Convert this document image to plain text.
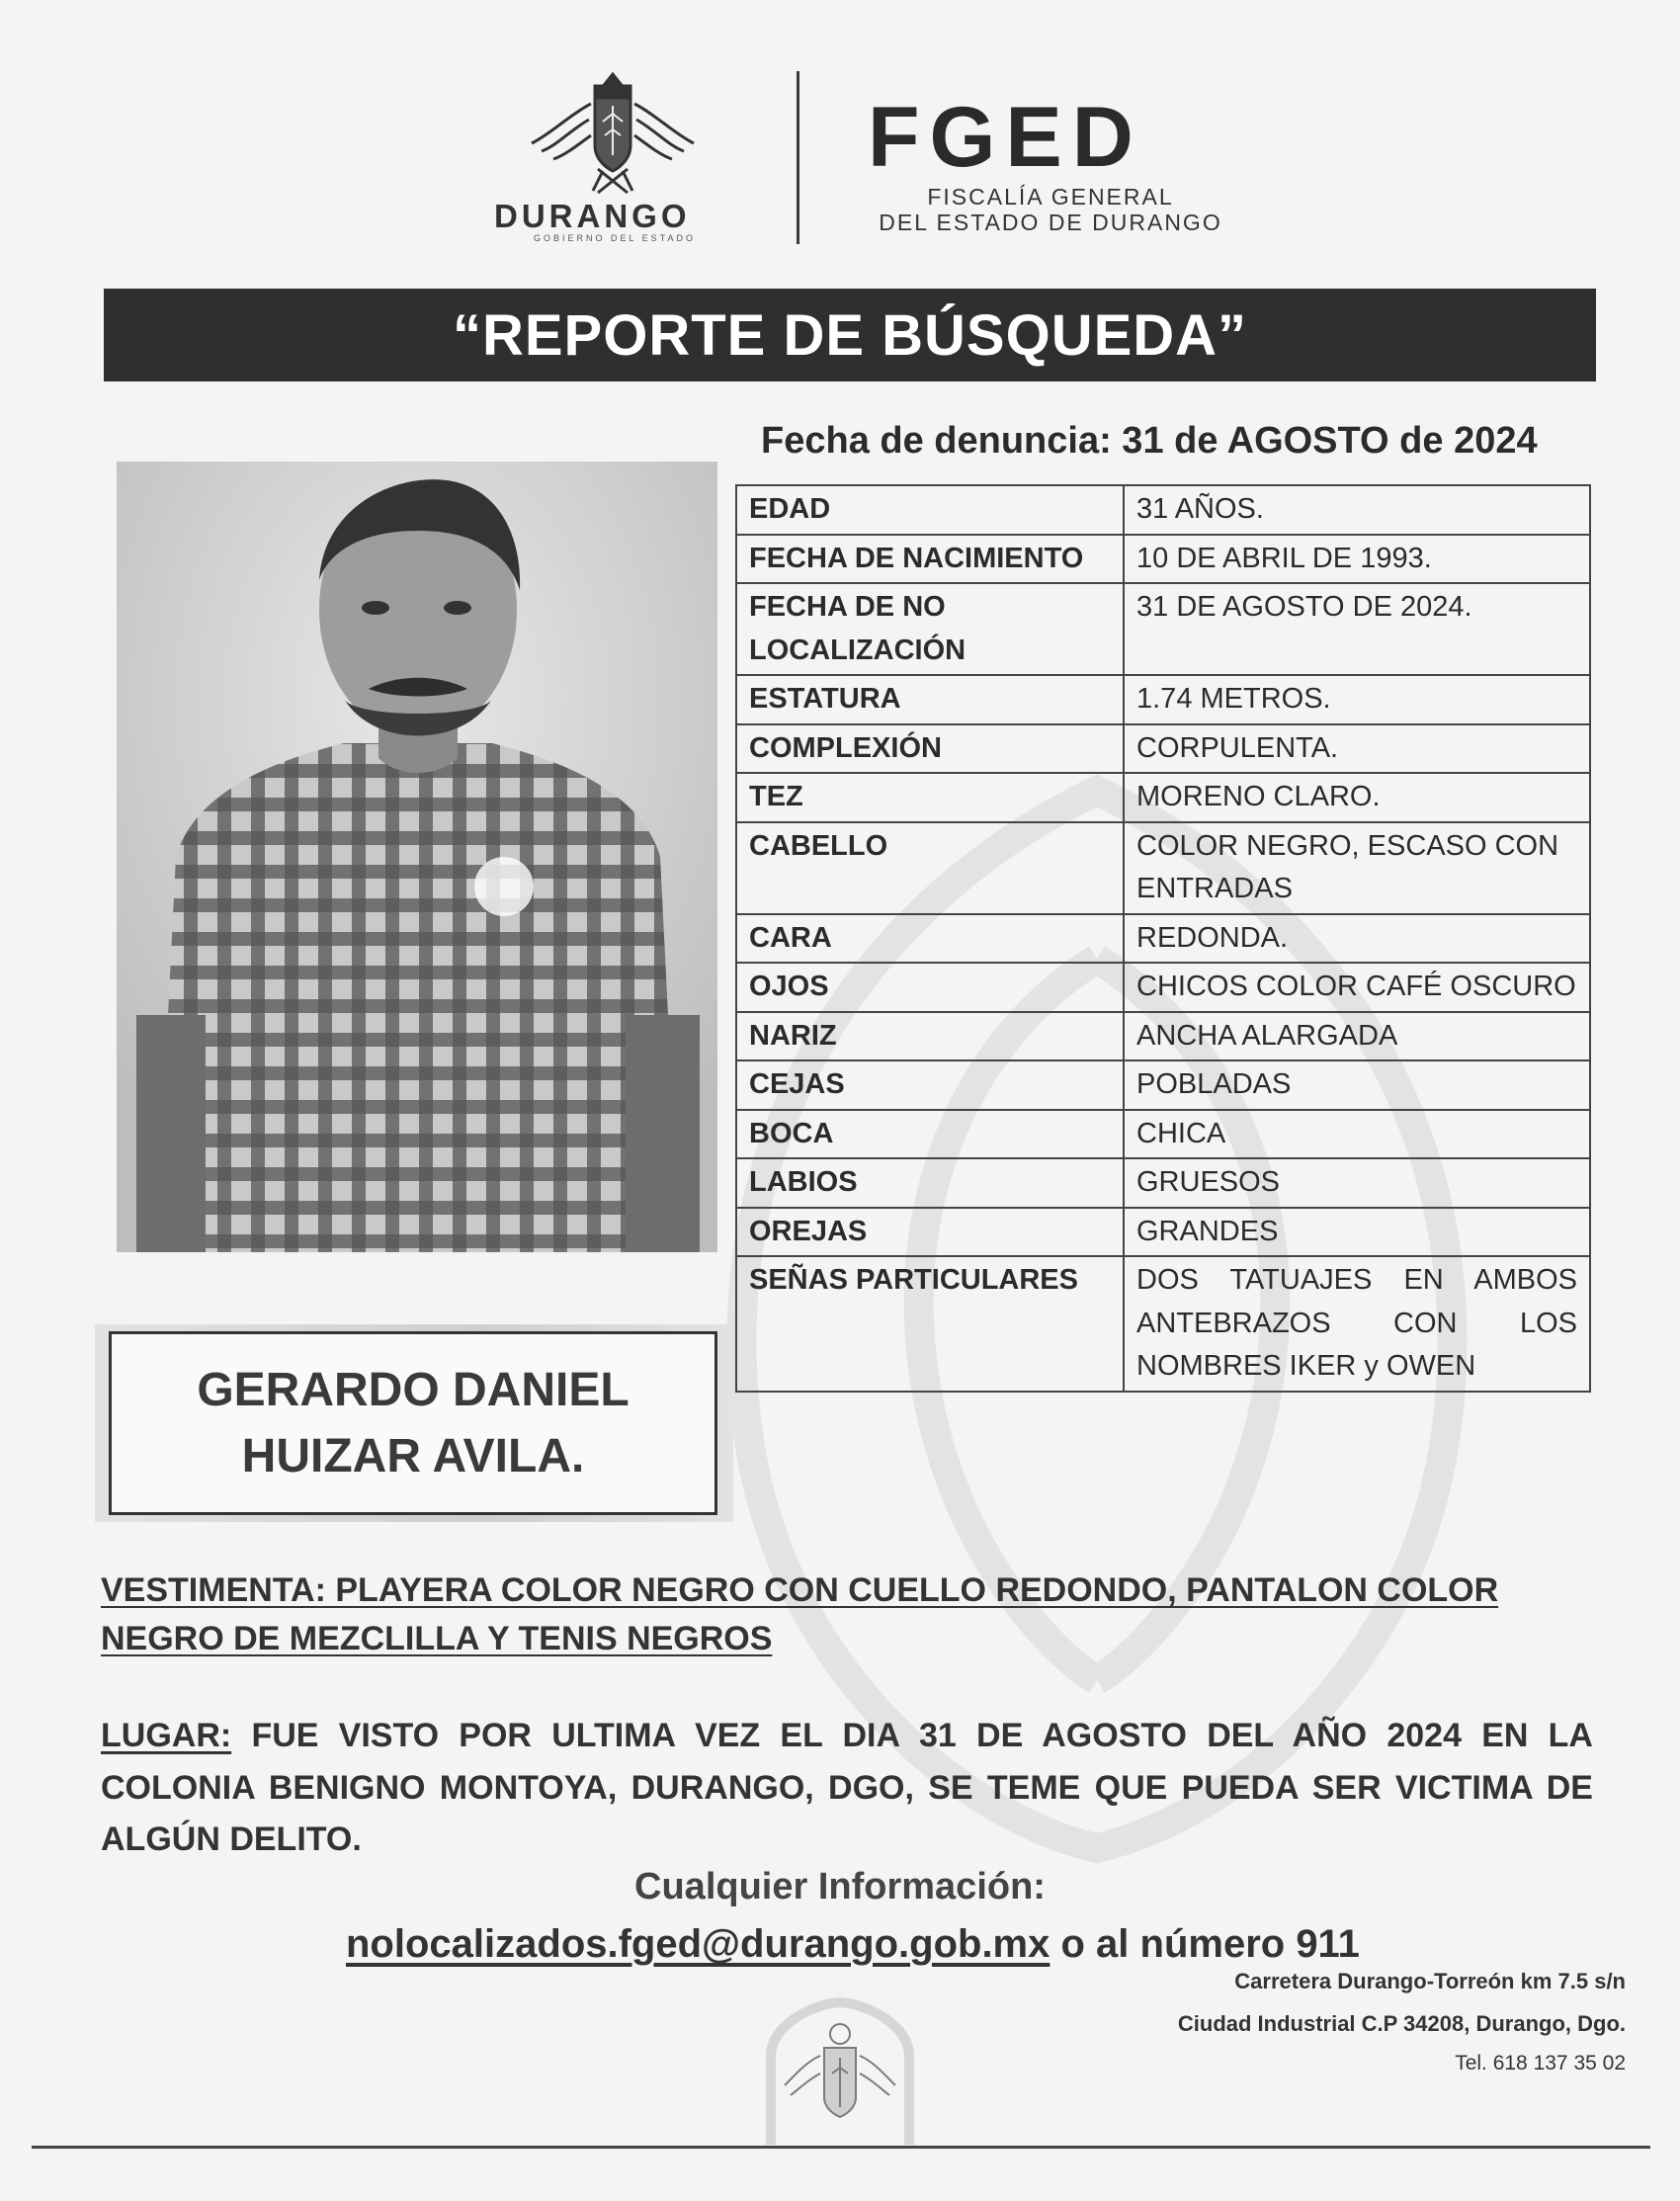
DURANGO
GOBIERNO DEL ESTADO
FGED
FISCALÍA GENERAL
DEL ESTADO DE DURANGO
“REPORTE DE BÚSQUEDA”
Fecha de denuncia: 31 de AGOSTO de 2024
EDAD	31 AÑOS.
FECHA DE NACIMIENTO	10 DE ABRIL DE 1993.
FECHA DE NO LOCALIZACIÓN	31 DE AGOSTO DE 2024.
ESTATURA	1.74 METROS.
COMPLEXIÓN	CORPULENTA.
TEZ	MORENO CLARO.
CABELLO	COLOR NEGRO, ESCASO CON ENTRADAS
CARA	REDONDA.
OJOS	CHICOS COLOR CAFÉ OSCURO
NARIZ	ANCHA ALARGADA
CEJAS	POBLADAS
BOCA	CHICA
LABIOS	GRUESOS
OREJAS	GRANDES
SEÑAS PARTICULARES	DOS TATUAJES EN AMBOS ANTEBRAZOS CON LOS NOMBRES IKER y OWEN
GERARDO DANIEL
HUIZAR AVILA.
VESTIMENTA: PLAYERA COLOR NEGRO CON CUELLO REDONDO, PANTALON COLOR
NEGRO DE MEZCLILLA Y TENIS NEGROS
LUGAR: FUE VISTO POR ULTIMA VEZ EL DIA 31 DE AGOSTO DEL AÑO 2024 EN LA COLONIA BENIGNO MONTOYA, DURANGO, DGO, SE TEME QUE PUEDA SER VICTIMA DE ALGÚN DELITO.
Cualquier Información:
nolocalizados.fged@durango.gob.mx o al número 911
Carretera Durango-Torreón km 7.5 s/n
Ciudad Industrial C.P 34208, Durango, Dgo.
Tel. 618 137 35 02
